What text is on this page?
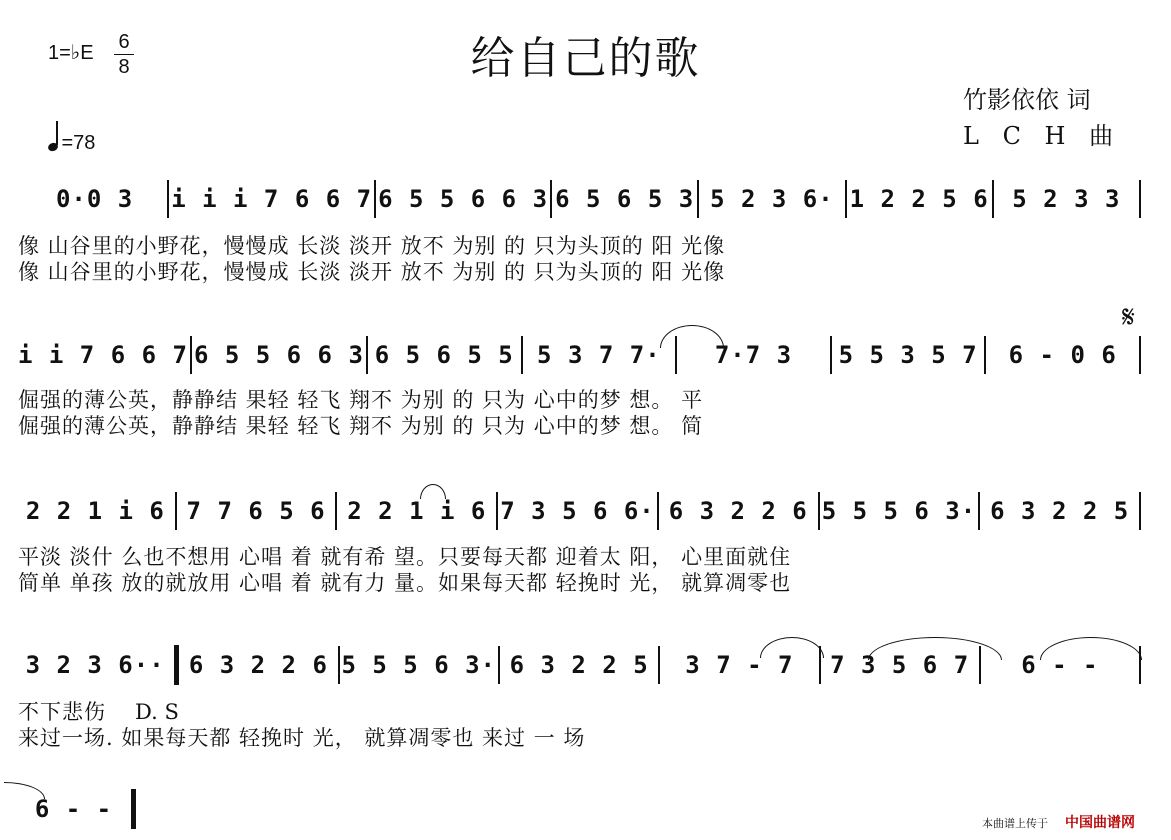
给自己的歌
1=♭E 6
8
=78
竹影依依 词
L C H 曲
0·0 3	i i i 7 6 6 7 6 5 5 6 6 3 6 5 6 5 3 5 2 3 6· 1 2 2 5 6 5 2 3 3
像 山谷里的小野花，慢慢成 长淡 淡开 放不 为别 的 只为头顶的 阳 光像
像 山谷里的小野花，慢慢成 长淡 淡开 放不 为别 的 只为头顶的 阳 光像
𝄋
i i 7 6 6 7 6 5 5 6 6 3 6 5 6 5 5 5 3 7 7·	7·7 3	5 5 3 5 7	6 - 0 6
倔强的薄公英，静静结 果轻 轻飞 翔不 为别 的 只为 心中的梦 想。 平
倔强的薄公英，静静结 果轻 轻飞 翔不 为别 的 只为 心中的梦 想。 简
2 2 1 i 6 7 7 6 5 6 2 2 1 i 6 7 3 5 6 6· 6 3 2 2 6 5 5 5 6 3· 6 3 2 2 5
平淡 淡什 么也不想用 心唱 着 就有希 望。只要每天都 迎着太 阳， 心里面就住
简单 单孩 放的就放用 心唱 着 就有力 量。如果每天都 轻挽时 光， 就算凋零也
3 2 3 6··	6 3 2 2 6 5 5 5 6 3· 6 3 2 2 5	3 7 - 7	7 3 5 6 7	6 - -
不下悲伤	D. S
来过一场. 如果每天都 轻挽时 光， 就算凋零也 来过 一 场
6 - -
本曲谱上传于 中国曲谱网
